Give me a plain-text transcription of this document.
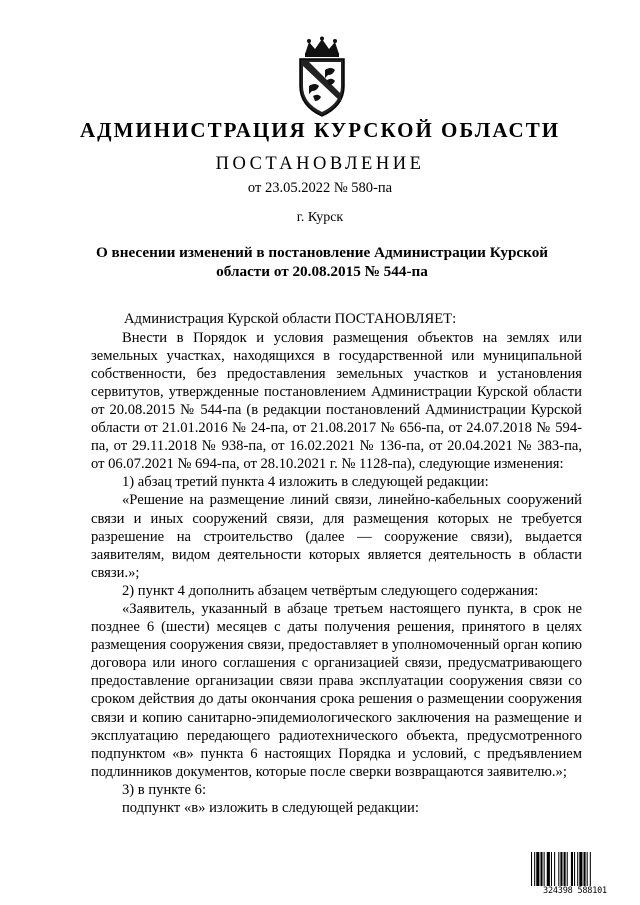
АДМИНИСТРАЦИЯ КУРСКОЙ ОБЛАСТИ
ПОСТАНОВЛЕНИЕ
от 23.05.2022 № 580-па
г. Курск
О внесении изменений в постановление Администрации Курской области от 20.08.2015 № 544-па

Администрация Курской области ПОСТАНОВЛЯЕТ:

Внести в Порядок и условия размещения объектов на землях или земельных участках, находящихся в государственной или муниципальной собственности, без предоставления земельных участков и установления сервитутов, утвержденные постановлением Администрации Курской области от 20.08.2015 № 544-па (в редакции постановлений Администрации Курской области от 21.01.2016 № 24-па, от 21.08.2017 № 656-па, от 24.07.2018 № 594-па, от 29.11.2018 № 938-па, от 16.02.2021 № 136-па, от 20.04.2021 № 383-па, от 06.07.2021 № 694-па, от 28.10.2021 г. № 1128-па), следующие изменения:

1) абзац третий пункта 4 изложить в следующей редакции:

«Решение на размещение линий связи, линейно-кабельных сооружений связи и иных сооружений связи, для размещения которых не требуется разрешение на строительство (далее — сооружение связи), выдается заявителям, видом деятельности которых является деятельность в области связи.»;

2) пункт 4 дополнить абзацем четвёртым следующего содержания:

«Заявитель, указанный в абзаце третьем настоящего пункта, в срок не позднее 6 (шести) месяцев с даты получения решения, принятого в целях размещения сооружения связи, предоставляет в уполномоченный орган копию договора или иного соглашения с организацией связи, предусматривающего предоставление организации связи права эксплуатации сооружения связи со сроком действия до даты окончания срока решения о размещении сооружения связи и копию санитарно-эпидемиологического заключения на размещение и эксплуатацию передающего радиотехнического объекта, предусмотренного подпунктом «в» пункта 6 настоящих Порядка и условий, с предъявлением подлинников документов, которые после сверки возвращаются заявителю.»;

3) в пункте 6:

подпункт «в» изложить в следующей редакции:

324398 588101
